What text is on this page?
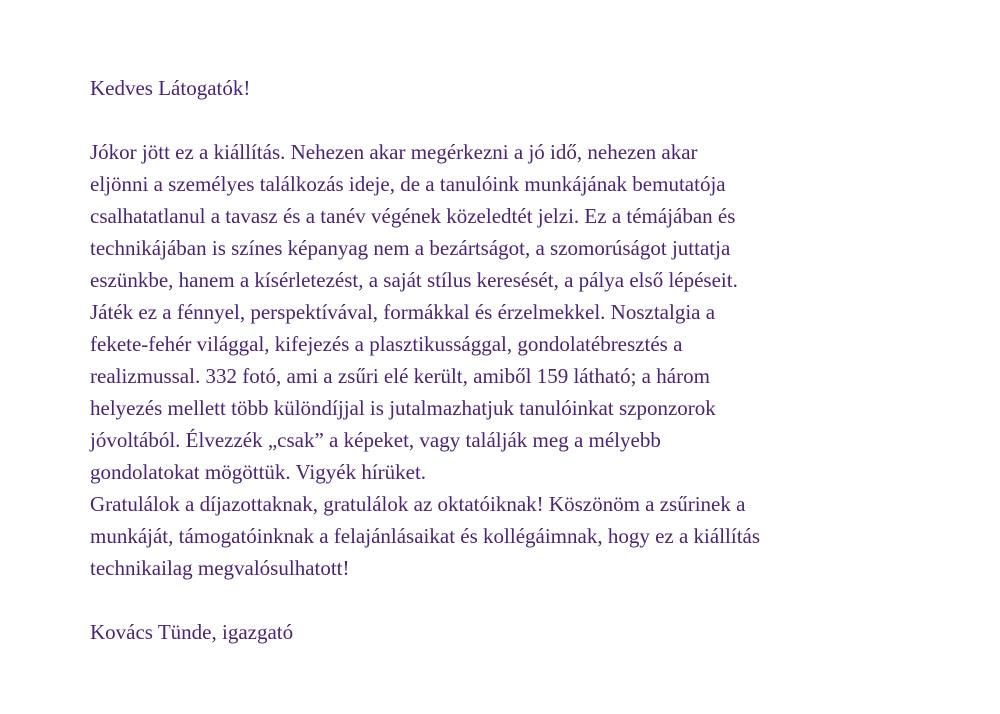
Kedves Látogatók!
Jókor jött ez a kiállítás. Nehezen akar megérkezni a jó idő, nehezen akar
eljönni a személyes találkozás ideje, de a tanulóink munkájának bemutatója
csalhatatlanul a tavasz és a tanév végének közeledtét jelzi. Ez a témájában és
technikájában is színes képanyag nem a bezártságot, a szomorúságot juttatja
eszünkbe, hanem a kísérletezést, a saját stílus keresését, a pálya első lépéseit.
Játék ez a fénnyel, perspektívával, formákkal és érzelmekkel. Nosztalgia a
fekete-fehér világgal, kifejezés a plasztikussággal, gondolatébresztés a
realizmussal. 332 fotó, ami a zsűri elé került, amiből 159 látható; a három
helyezés mellett több különdíjjal is jutalmazhatjuk tanulóinkat szponzorok
jóvoltából. Élvezzék „csak” a képeket, vagy találják meg a mélyebb
gondolatokat mögöttük. Vigyék hírüket.
Gratulálok a díjazottaknak, gratulálok az oktatóiknak! Köszönöm a zsűrinek a
munkáját, támogatóinknak a felajánlásaikat és kollégáimnak, hogy ez a kiállítás
technikailag megvalósulhatott!
Kovács Tünde, igazgató
